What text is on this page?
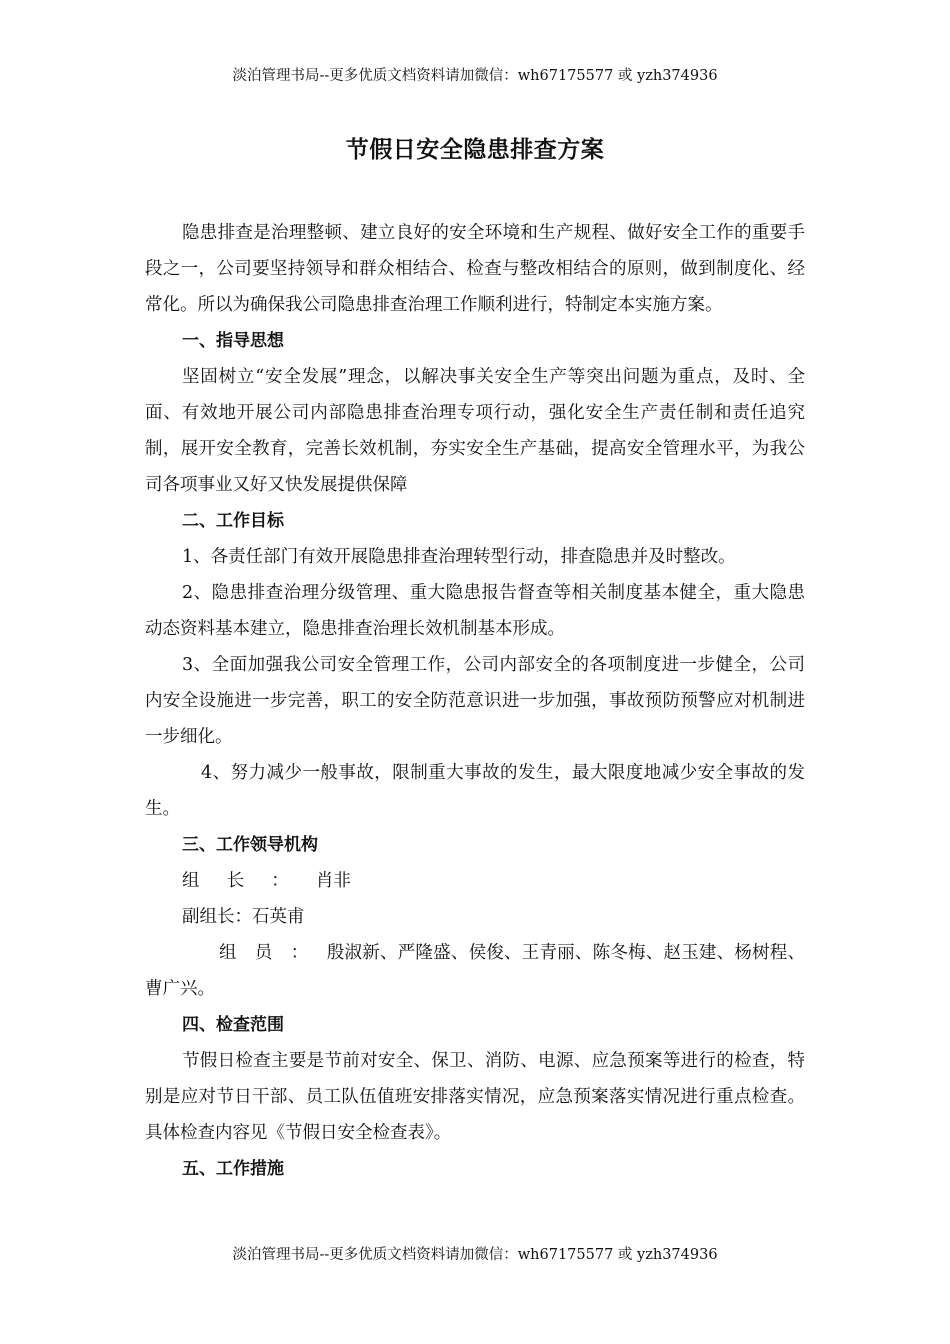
淡泊管理书局--更多优质文档资料请加微信：wh67175577 或 yzh374936
节假日安全隐患排查方案

隐患排查是治理整顿、建立良好的安全环境和生产规程、做好安全工作的重要手段之一，公司要坚持领导和群众相结合、检查与整改相结合的原则，做到制度化、经常化。所以为确保我公司隐患排查治理工作顺利进行，特制定本实施方案。

一、指导思想

坚固树立“安全发展”理念，以解决事关安全生产等突出问题为重点，及时、全面、有效地开展公司内部隐患排查治理专项行动，强化安全生产责任制和责任追究制，展开安全教育，完善长效机制，夯实安全生产基础，提高安全管理水平，为我公司各项事业又好又快发展提供保障

二、工作目标

1、各责任部门有效开展隐患排查治理转型行动，排查隐患并及时整改。

2、隐患排查治理分级管理、重大隐患报告督查等相关制度基本健全，重大隐患动态资料基本建立，隐患排查治理长效机制基本形成。

3、全面加强我公司安全管理工作，公司内部安全的各项制度进一步健全，公司内安全设施进一步完善，职工的安全防范意识进一步加强，事故预防预警应对机制进一步细化。

4、努力减少一般事故，限制重大事故的发生，最大限度地减少安全事故的发生。

三、工作领导机构

组长：肖非

副组长：石英甫

组员：殷淑新、严隆盛、侯俊、王青丽、陈冬梅、赵玉建、杨树程、曹广兴。

四、检查范围

节假日检查主要是节前对安全、保卫、消防、电源、应急预案等进行的检查，特别是应对节日干部、员工队伍值班安排落实情况，应急预案落实情况进行重点检查。具体检查内容见《节假日安全检查表》。

五、工作措施

淡泊管理书局--更多优质文档资料请加微信：wh67175577 或 yzh374936
